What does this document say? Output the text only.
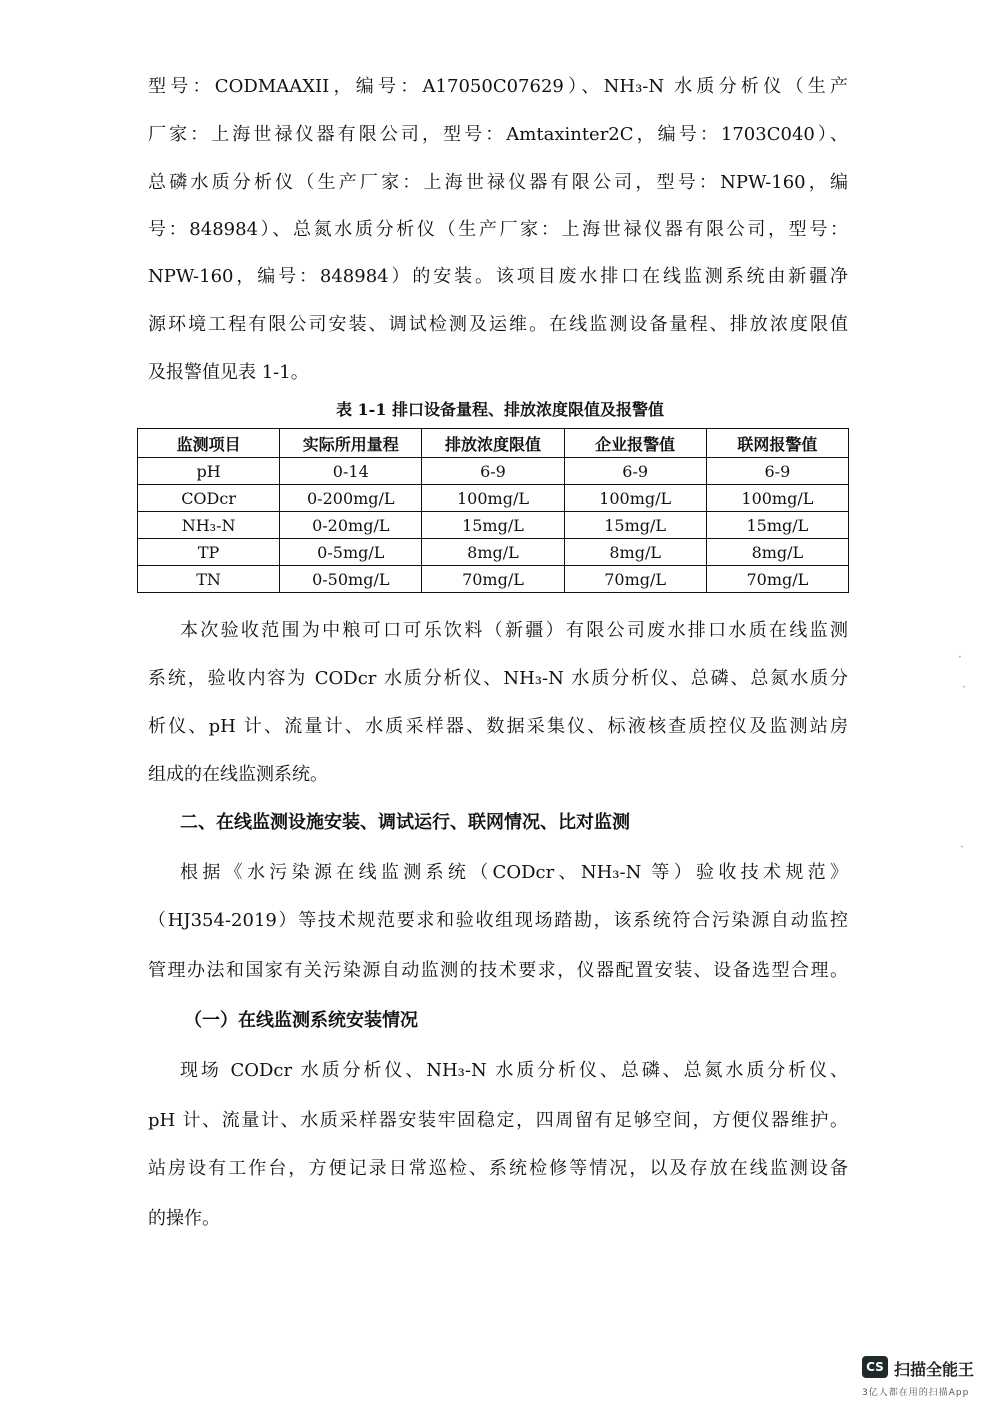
型号：CODMAAXII，编号：A17050C07629）、NH₃-N 水质分析仪（生产
厂家：上海世禄仪器有限公司，型号：Amtaxinter2C，编号：1703C040）、
总磷水质分析仪（生产厂家：上海世禄仪器有限公司，型号：NPW-160，编
号：848984）、总氮水质分析仪（生产厂家：上海世禄仪器有限公司，型号：
NPW-160，编号：848984）的安装。该项目废水排口在线监测系统由新疆净
源环境工程有限公司安装、调试检测及运维。在线监测设备量程、排放浓度限值
及报警值见表 1-1。
表 1-1 排口设备量程、排放浓度限值及报警值
监测项目	实际所用量程	排放浓度限值	企业报警值	联网报警值
pH	0-14	6-9	6-9	6-9
CODcr	0-200mg/L	100mg/L	100mg/L	100mg/L
NH₃-N	0-20mg/L	15mg/L	15mg/L	15mg/L
TP	0-5mg/L	8mg/L	8mg/L	8mg/L
TN	0-50mg/L	70mg/L	70mg/L	70mg/L
本次验收范围为中粮可口可乐饮料（新疆）有限公司废水排口水质在线监测
系统，验收内容为 CODcr 水质分析仪、NH₃-N 水质分析仪、总磷、总氮水质分
析仪、pH 计、流量计、水质采样器、数据采集仪、标液核查质控仪及监测站房
组成的在线监测系统。
二、在线监测设施安装、调试运行、联网情况、比对监测
根据《水污染源在线监测系统（CODcr、NH₃-N 等）验收技术规范》
（HJ354-2019）等技术规范要求和验收组现场踏勘，该系统符合污染源自动监控
管理办法和国家有关污染源自动监测的技术要求，仪器配置安装、设备选型合理。
（一）在线监测系统安装情况
现场 CODcr 水质分析仪、NH₃-N 水质分析仪、总磷、总氮水质分析仪、
pH 计、流量计、水质采样器安装牢固稳定，四周留有足够空间，方便仪器维护。
站房设有工作台，方便记录日常巡检、系统检修等情况，以及存放在线监测设备
的操作。
·
·
·
CS 扫描全能王
3亿人都在用的扫描App
